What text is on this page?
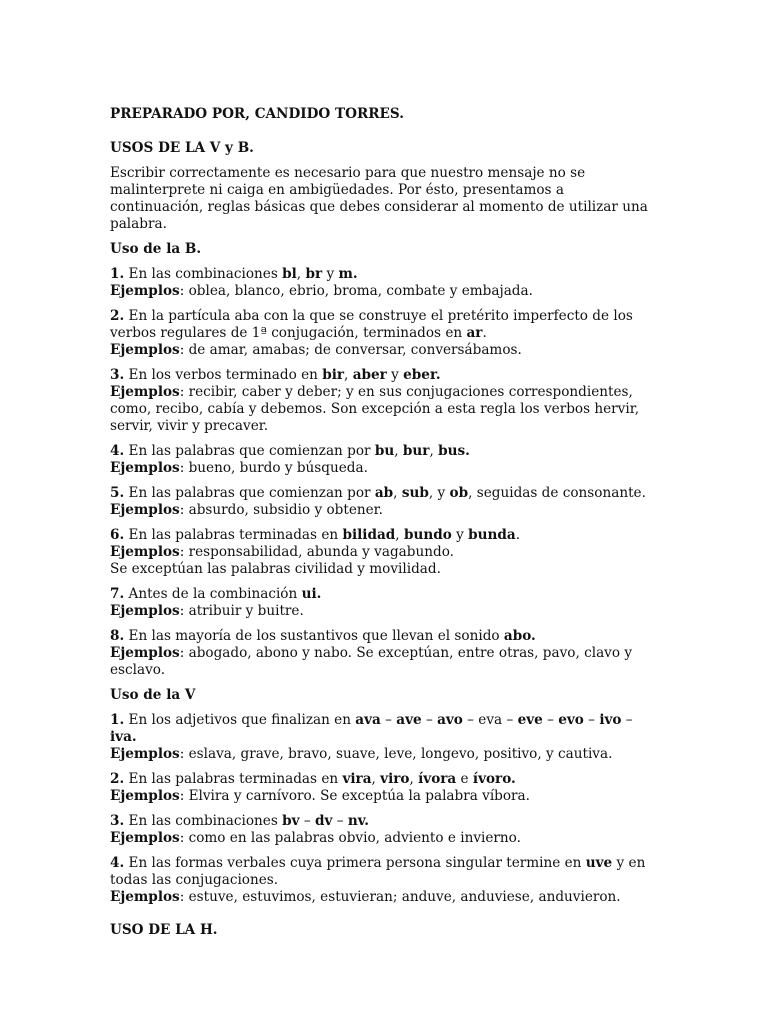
PREPARADO POR, CANDIDO TORRES.

USOS DE LA V y B.

Escribir correctamente es necesario para que nuestro mensaje no se malinterprete ni caiga en ambigüedades. Por ésto, presentamos a continuación, reglas básicas que debes considerar al momento de utilizar una palabra.

Uso de la B.

1. En las combinaciones bl, br y m.

Ejemplos: oblea, blanco, ebrio, broma, combate y embajada.

2. En la partícula aba con la que se construye el pretérito imperfecto de los verbos regulares de 1ª conjugación, terminados en ar.

Ejemplos: de amar, amabas; de conversar, conversábamos.

3. En los verbos terminado en bir, aber y eber.

Ejemplos: recibir, caber y deber; y en sus conjugaciones correspondientes, como, recibo, cabía y debemos. Son excepción a esta regla los verbos hervir, servir, vivir y precaver.

4. En las palabras que comienzan por bu, bur, bus.

Ejemplos: bueno, burdo y búsqueda.

5. En las palabras que comienzan por ab, sub, y ob, seguidas de consonante.

Ejemplos: absurdo, subsidio y obtener.

6. En las palabras terminadas en bilidad, bundo y bunda.

Ejemplos: responsabilidad, abunda y vagabundo.

Se exceptúan las palabras civilidad y movilidad.

7. Antes de la combinación ui.

Ejemplos: atribuir y buitre.

8. En las mayoría de los sustantivos que llevan el sonido abo.

Ejemplos: abogado, abono y nabo. Se exceptúan, entre otras, pavo, clavo y esclavo.

Uso de la V

1. En los adjetivos que finalizan en ava – ave – avo – eva – eve – evo – ivo – iva.

Ejemplos: eslava, grave, bravo, suave, leve, longevo, positivo, y cautiva.

2. En las palabras terminadas en vira, viro, ívora e ívoro.

Ejemplos: Elvira y carnívoro. Se exceptúa la palabra víbora.

3. En las combinaciones bv – dv – nv.

Ejemplos: como en las palabras obvio, adviento e invierno.

4. En las formas verbales cuya primera persona singular termine en uve y en todas las conjugaciones.

Ejemplos: estuve, estuvimos, estuvieran; anduve, anduviese, anduvieron.

USO DE LA H.
